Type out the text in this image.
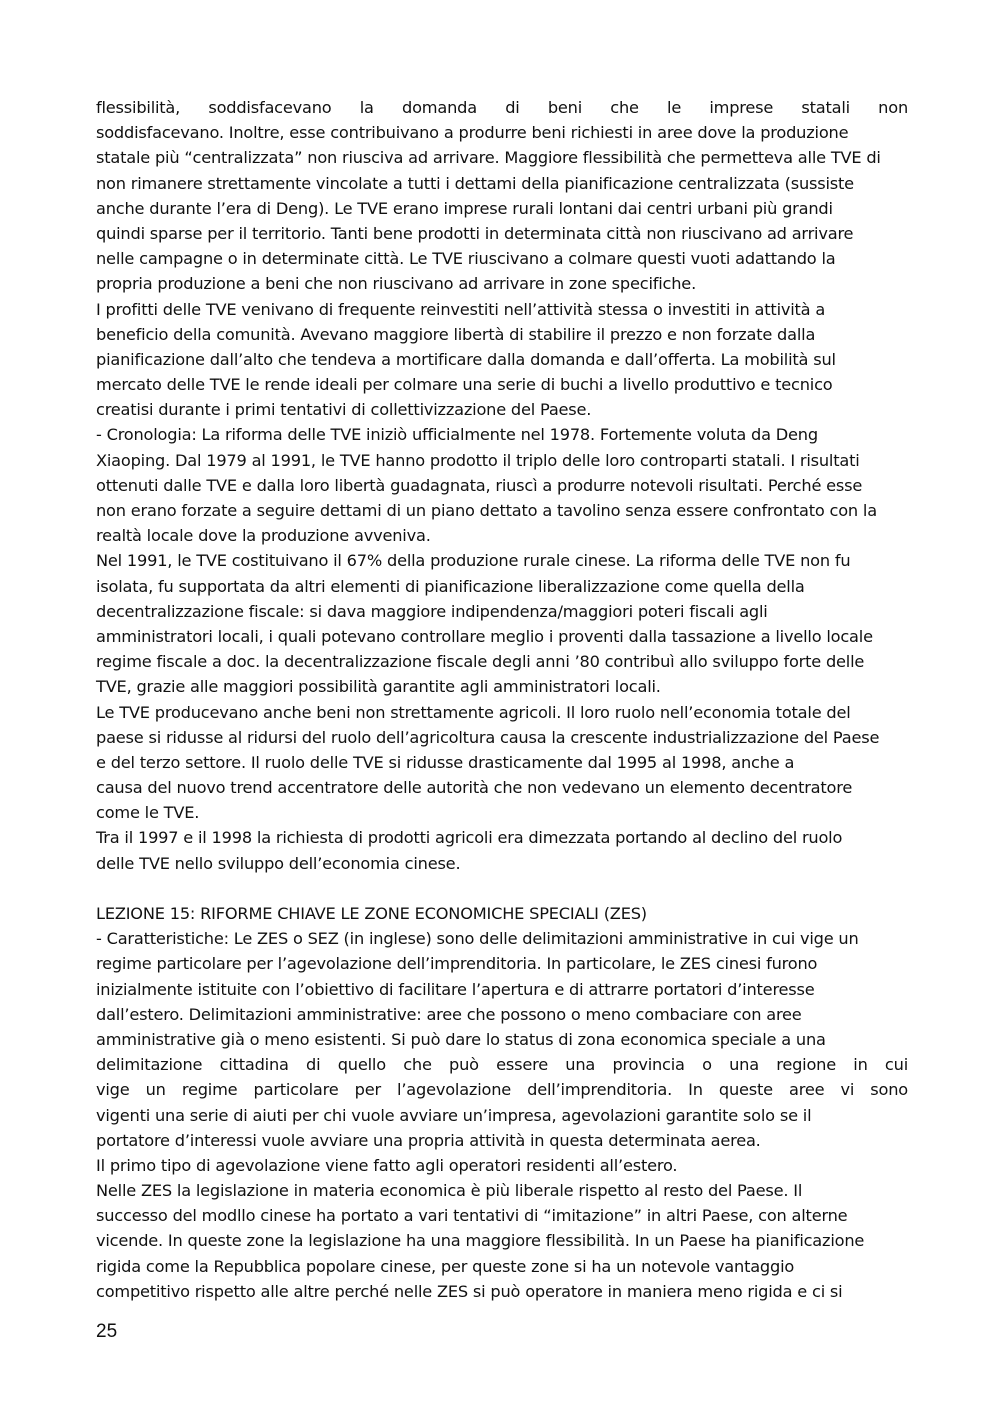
flessibilità, soddisfacevano la domanda di beni che le imprese statali non
soddisfacevano. Inoltre, esse contribuivano a produrre beni richiesti in aree dove la produzione
statale più “centralizzata” non riusciva ad arrivare. Maggiore flessibilità che permetteva alle TVE di
non rimanere strettamente vincolate a tutti i dettami della pianificazione centralizzata (sussiste
anche durante l’era di Deng). Le TVE erano imprese rurali lontani dai centri urbani più grandi
quindi sparse per il territorio. Tanti bene prodotti in determinata città non riuscivano ad arrivare
nelle campagne o in determinate città. Le TVE riuscivano a colmare questi vuoti adattando la
propria produzione a beni che non riuscivano ad arrivare in zone specifiche.
I profitti delle TVE venivano di frequente reinvestiti nell’attività stessa o investiti in attività a
beneficio della comunità. Avevano maggiore libertà di stabilire il prezzo e non forzate dalla
pianificazione dall’alto che tendeva a mortificare dalla domanda e dall’offerta. La mobilità sul
mercato delle TVE le rende ideali per colmare una serie di buchi a livello produttivo e tecnico
creatisi durante i primi tentativi di collettivizzazione del Paese.
- Cronologia: La riforma delle TVE iniziò ufficialmente nel 1978. Fortemente voluta da Deng
Xiaoping. Dal 1979 al 1991, le TVE hanno prodotto il triplo delle loro controparti statali. I risultati
ottenuti dalle TVE e dalla loro libertà guadagnata, riuscì a produrre notevoli risultati. Perché esse
non erano forzate a seguire dettami di un piano dettato a tavolino senza essere confrontato con la
realtà locale dove la produzione avveniva.
Nel 1991, le TVE costituivano il 67% della produzione rurale cinese. La riforma delle TVE non fu
isolata, fu supportata da altri elementi di pianificazione liberalizzazione come quella della
decentralizzazione fiscale: si dava maggiore indipendenza/maggiori poteri fiscali agli
amministratori locali, i quali potevano controllare meglio i proventi dalla tassazione a livello locale
regime fiscale a doc. la decentralizzazione fiscale degli anni ’80 contribuì allo sviluppo forte delle
TVE, grazie alle maggiori possibilità garantite agli amministratori locali.
Le TVE producevano anche beni non strettamente agricoli. Il loro ruolo nell’economia totale del
paese si ridusse al ridursi del ruolo dell’agricoltura causa la crescente industrializzazione del Paese
e del terzo settore. Il ruolo delle TVE si ridusse drasticamente dal 1995 al 1998, anche a
causa del nuovo trend accentratore delle autorità che non vedevano un elemento decentratore
come le TVE.
Tra il 1997 e il 1998 la richiesta di prodotti agricoli era dimezzata portando al declino del ruolo
delle TVE nello sviluppo dell’economia cinese.
LEZIONE 15: RIFORME CHIAVE LE ZONE ECONOMICHE SPECIALI (ZES)
- Caratteristiche: Le ZES o SEZ (in inglese) sono delle delimitazioni amministrative in cui vige un
regime particolare per l’agevolazione dell’imprenditoria. In particolare, le ZES cinesi furono
inizialmente istituite con l’obiettivo di facilitare l’apertura e di attrarre portatori d’interesse
dall’estero. Delimitazioni amministrative: aree che possono o meno combaciare con aree
amministrative già o meno esistenti. Si può dare lo status di zona economica speciale a una
delimitazione cittadina di quello che può essere una provincia o una regione in cui
vige un regime particolare per l’agevolazione dell’imprenditoria. In queste aree vi sono
vigenti una serie di aiuti per chi vuole avviare un’impresa, agevolazioni garantite solo se il
portatore d’interessi vuole avviare una propria attività in questa determinata aerea.
Il primo tipo di agevolazione viene fatto agli operatori residenti all’estero.
Nelle ZES la legislazione in materia economica è più liberale rispetto al resto del Paese. Il
successo del modllo cinese ha portato a vari tentativi di “imitazione” in altri Paese, con alterne
vicende. In queste zone la legislazione ha una maggiore flessibilità. In un Paese ha pianificazione
rigida come la Repubblica popolare cinese, per queste zone si ha un notevole vantaggio
competitivo rispetto alle altre perché nelle ZES si può operatore in maniera meno rigida e ci si
25
